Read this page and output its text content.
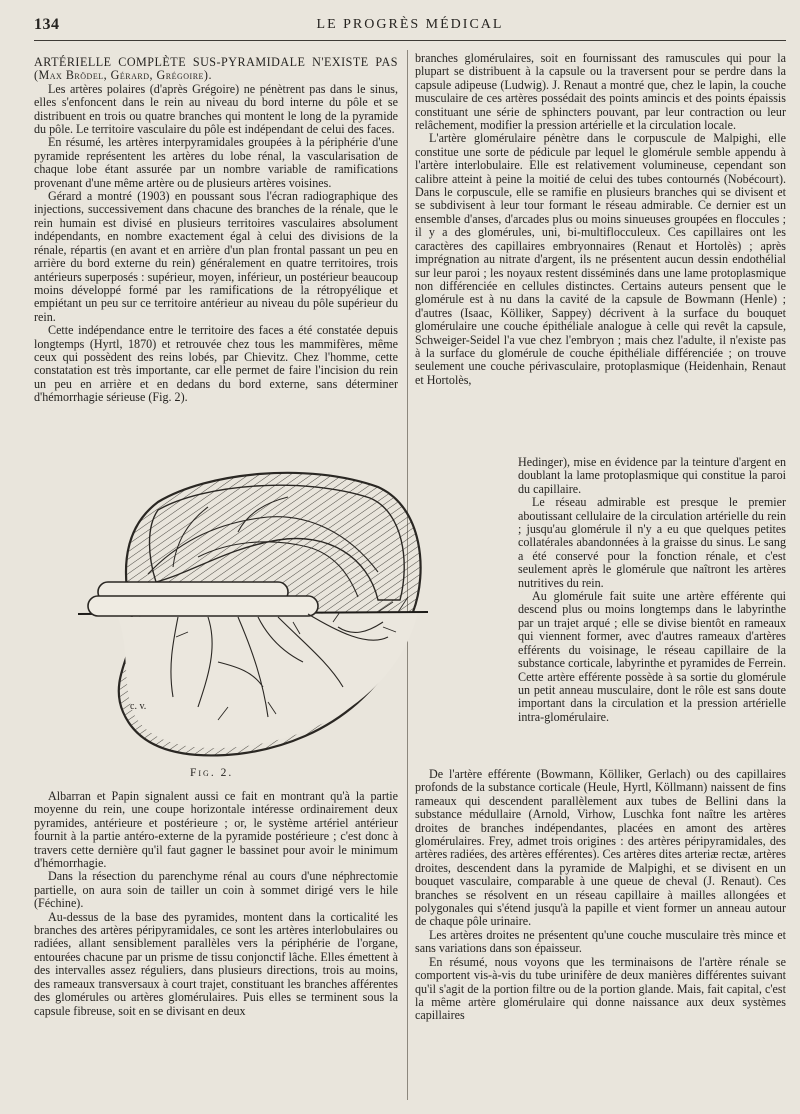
134	LE PROGRÈS MÉDICAL

ARTÉRIELLE COMPLÈTE SUS-PYRAMIDALE N'EXISTE PAS (Max Brödel, Gérard, Grégoire).

Les artères polaires (d'après Grégoire) ne pénètrent pas dans le sinus, elles s'enfoncent dans le rein au niveau du bord interne du pôle et se distribuent en trois ou quatre branches qui montent le long de la pyramide du pôle. Le territoire vasculaire du pôle est indépendant de celui des faces.

En résumé, les artères interpyramidales groupées à la périphérie d'une pyramide représentent les artères du lobe rénal, la vascularisation de chaque lobe étant assurée par un nombre variable de ramifications provenant d'une même artère ou de plusieurs artères voisines.

Gérard a montré (1903) en poussant sous l'écran radiographique des injections, successivement dans chacune des branches de la rénale, que le rein humain est divisé en plusieurs territoires vasculaires absolument indépendants, en nombre exactement égal à celui des divisions de la rénale, répartis (en avant et en arrière d'un plan frontal passant un peu en arrière du bord externe du rein) généralement en quatre territoires, trois antérieurs superposés : supérieur, moyen, inférieur, un postérieur beaucoup moins développé formé par les ramifications de la rétropyélique et empiétant un peu sur ce territoire antérieur au niveau du pôle supérieur du rein.

Cette indépendance entre le territoire des faces a été constatée depuis longtemps (Hyrtl, 1870) et retrouvée chez tous les mammifères, même ceux qui possèdent des reins lobés, par Chievitz. Chez l'homme, cette constatation est très importante, car elle permet de faire l'incision du rein un peu en arrière et en dedans du bord externe, sans déterminer d'hémorrhagie sérieuse (Fig. 2).

c. v.
Fig. 2.

Albarran et Papin signalent aussi ce fait en montrant qu'à la partie moyenne du rein, une coupe horizontale intéresse ordinairement deux pyramides, antérieure et postérieure ; or, le système artériel antérieur fournit à la partie antéro-externe de la pyramide postérieure ; c'est donc à travers cette dernière qu'il faut gagner le bassinet pour avoir le minimum d'hémorrhagie.

Dans la résection du parenchyme rénal au cours d'une néphrectomie partielle, on aura soin de tailler un coin à sommet dirigé vers le hile (Féchine).

Au-dessus de la base des pyramides, montent dans la corticalité les branches des artères péripyramidales, ce sont les artères interlobulaires ou radiées, allant sensiblement parallèles vers la périphérie de l'organe, entourées chacune par un prisme de tissu conjonctif lâche. Elles émettent à des intervalles assez réguliers, dans plusieurs directions, trois au moins, des rameaux transversaux à court trajet, constituant les branches afférentes des glomérules ou artères glomérulaires. Puis elles se terminent sous la capsule fibreuse, soit en se divisant en deux

branches glomérulaires, soit en fournissant des ramuscules qui pour la plupart se distribuent à la capsule ou la traversent pour se perdre dans la capsule adipeuse (Ludwig). J. Renaut a montré que, chez le lapin, la couche musculaire de ces artères possédait des points amincis et des points épaissis constituant une série de sphincters pouvant, par leur contraction ou leur relâchement, modifier la pression artérielle et la circulation locale.

L'artère glomérulaire pénètre dans le corpuscule de Malpighi, elle constitue une sorte de pédicule par lequel le glomérule semble appendu à l'artère interlobulaire. Elle est relativement volumineuse, cependant son calibre atteint à peine la moitié de celui des tubes contournés (Nobécourt). Dans le corpuscule, elle se ramifie en plusieurs branches qui se divisent et se subdivisent à leur tour formant le réseau admirable. Ce dernier est un ensemble d'anses, d'arcades plus ou moins sinueuses groupées en floccules ; il y a des glomérules, uni, bi-multiflocculeux. Ces capillaires ont les caractères des capillaires embryonnaires (Renaut et Hortolès) ; après imprégnation au nitrate d'argent, ils ne présentent aucun dessin endothélial sur leur paroi ; les noyaux restent disséminés dans une lame protoplasmique non différenciée en cellules distinctes. Certains auteurs pensent que le glomérule est à nu dans la cavité de la capsule de Bowmann (Henle) ; d'autres (Isaac, Kölliker, Sappey) décrivent à la surface du bouquet glomérulaire une couche épithéliale analogue à celle qui revêt la capsule, Schweiger-Seidel l'a vue chez l'embryon ; mais chez l'adulte, il n'existe pas à la surface du glomérule de couche épithéliale différenciée ; on trouve seulement une couche périvasculaire, protoplasmique (Heidenhain, Renaut et Hortolès,

Hedinger), mise en évidence par la teinture d'argent en doublant la lame protoplasmique qui constitue la paroi du capillaire.

Le réseau admirable est presque le premier aboutissant cellulaire de la circulation artérielle du rein ; jusqu'au glomérule il n'y a eu que quelques petites collatérales abandonnées à la graisse du sinus. Le sang a été conservé pour la fonction rénale, et c'est seulement après le glomérule que naîtront les artères nutritives du rein.

Au glomérule fait suite une artère efférente qui descend plus ou moins longtemps dans le labyrinthe par un trajet arqué ; elle se divise bientôt en rameaux qui viennent former, avec d'autres rameaux d'artères efférents du voisinage, le réseau capillaire de la substance corticale, labyrinthe et pyramides de Ferrein. Cette artère efférente possède à sa sortie du glomérule un petit anneau musculaire, dont le rôle est sans doute important dans la circulation et la pression artérielle intra-glomérulaire.

De l'artère efférente (Bowmann, Kölliker, Gerlach) ou des capillaires profonds de la substance corticale (Heule, Hyrtl, Köllmann) naissent de fins rameaux qui descendent parallèlement aux tubes de Bellini dans la substance médullaire (Arnold, Virhow, Luschka font naître les artères droites de branches indépendantes, placées en amont des artères glomérulaires. Frey, admet trois origines : des artères péripyramidales, des artères radiées, des artères efférentes). Ces artères dites arteriæ rectæ, artères droites, descendent dans la pyramide de Malpighi, et se divisent en un bouquet vasculaire, comparable à une queue de cheval (J. Renaut). Ces branches se résolvent en un réseau capillaire à mailles allongées et polygonales qui s'étend jusqu'à la papille et vient former un anneau autour de chaque pôle urinaire.

Les artères droites ne présentent qu'une couche musculaire très mince et sans variations dans son épaisseur.

En résumé, nous voyons que les terminaisons de l'artère rénale se comportent vis-à-vis du tube urinifère de deux manières différentes suivant qu'il s'agit de la portion filtre ou de la portion glande. Mais, fait capital, c'est la même artère glomérulaire qui donne naissance aux deux systèmes capillaires
